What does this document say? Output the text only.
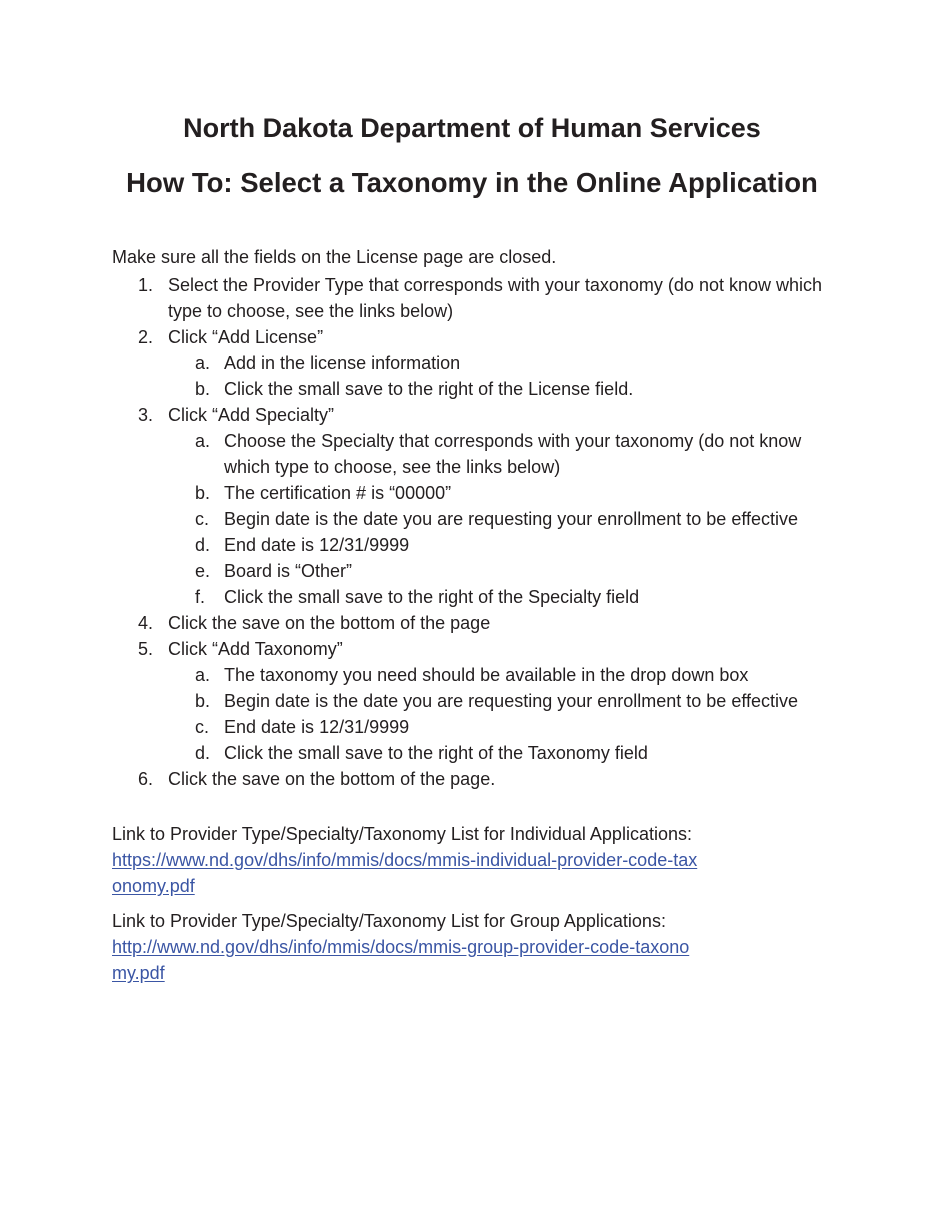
North Dakota Department of Human Services
How To: Select a Taxonomy in the Online Application

Make sure all the fields on the License page are closed.

1. Select the Provider Type that corresponds with your taxonomy (do not know which type to choose, see the links below)
2. Click “Add License”
a. Add in the license information
b. Click the small save to the right of the License field.
3. Click “Add Specialty”
a. Choose the Specialty that corresponds with your taxonomy (do not know which type to choose, see the links below)
b. The certification # is “00000”
c. Begin date is the date you are requesting your enrollment to be effective
d. End date is 12/31/9999
e. Board is “Other”
f.	Click the small save to the right of the Specialty field
4. Click the save on the bottom of the page
5. Click “Add Taxonomy”
a. The taxonomy you need should be available in the drop down box
b. Begin date is the date you are requesting your enrollment to be effective
c. End date is 12/31/9999
d. Click the small save to the right of the Taxonomy field
6. Click the save on the bottom of the page.
Link to Provider Type/Specialty/Taxonomy List for Individual Applications:
https://www.nd.gov/dhs/info/mmis/docs/mmis-individual-provider-code-taxonomy.pdf
Link to Provider Type/Specialty/Taxonomy List for Group Applications:
http://www.nd.gov/dhs/info/mmis/docs/mmis-group-provider-code-taxonomy.pdf
